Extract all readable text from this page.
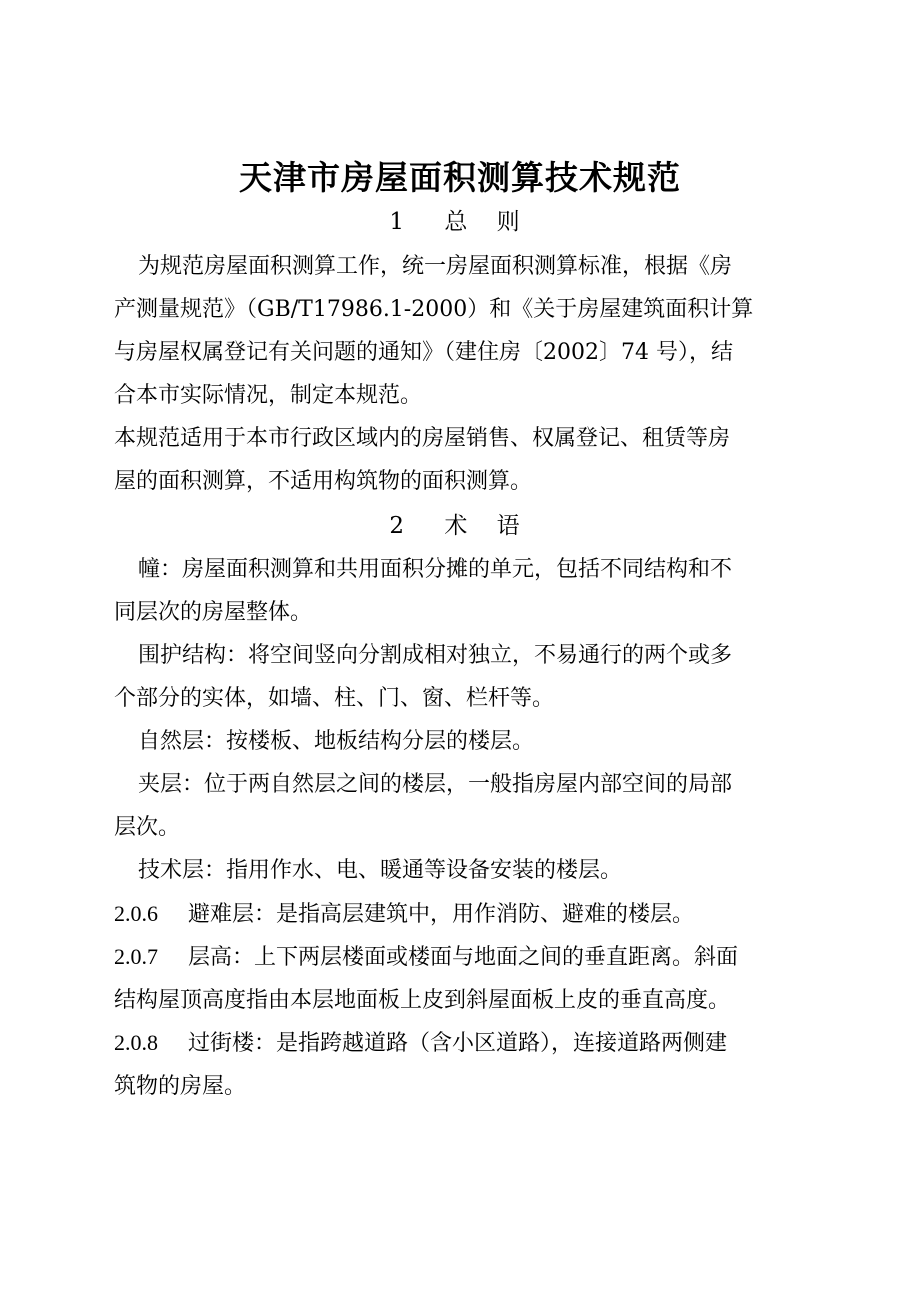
天津市房屋面积测算技术规范
1 总 则
为规范房屋面积测算工作，统一房屋面积测算标准，根据《房
产测量规范》（GB/T17986.1-2000）和《关于房屋建筑面积计算
与房屋权属登记有关问题的通知》（建住房〔2002〕74 号），结
合本市实际情况，制定本规范。
本规范适用于本市行政区域内的房屋销售、权属登记、租赁等房
屋的面积测算，不适用构筑物的面积测算。
2 术 语
幢：房屋面积测算和共用面积分摊的单元，包括不同结构和不
同层次的房屋整体。
围护结构：将空间竖向分割成相对独立，不易通行的两个或多
个部分的实体，如墙、柱、门、窗、栏杆等。
自然层：按楼板、地板结构分层的楼层。
夹层：位于两自然层之间的楼层，一般指房屋内部空间的局部
层次。
技术层：指用作水、电、暖通等设备安装的楼层。
2.0.6 避难层：是指高层建筑中，用作消防、避难的楼层。
2.0.7 层高：上下两层楼面或楼面与地面之间的垂直距离。斜面
结构屋顶高度指由本层地面板上皮到斜屋面板上皮的垂直高度。
2.0.8 过街楼：是指跨越道路（含小区道路），连接道路两侧建
筑物的房屋。
